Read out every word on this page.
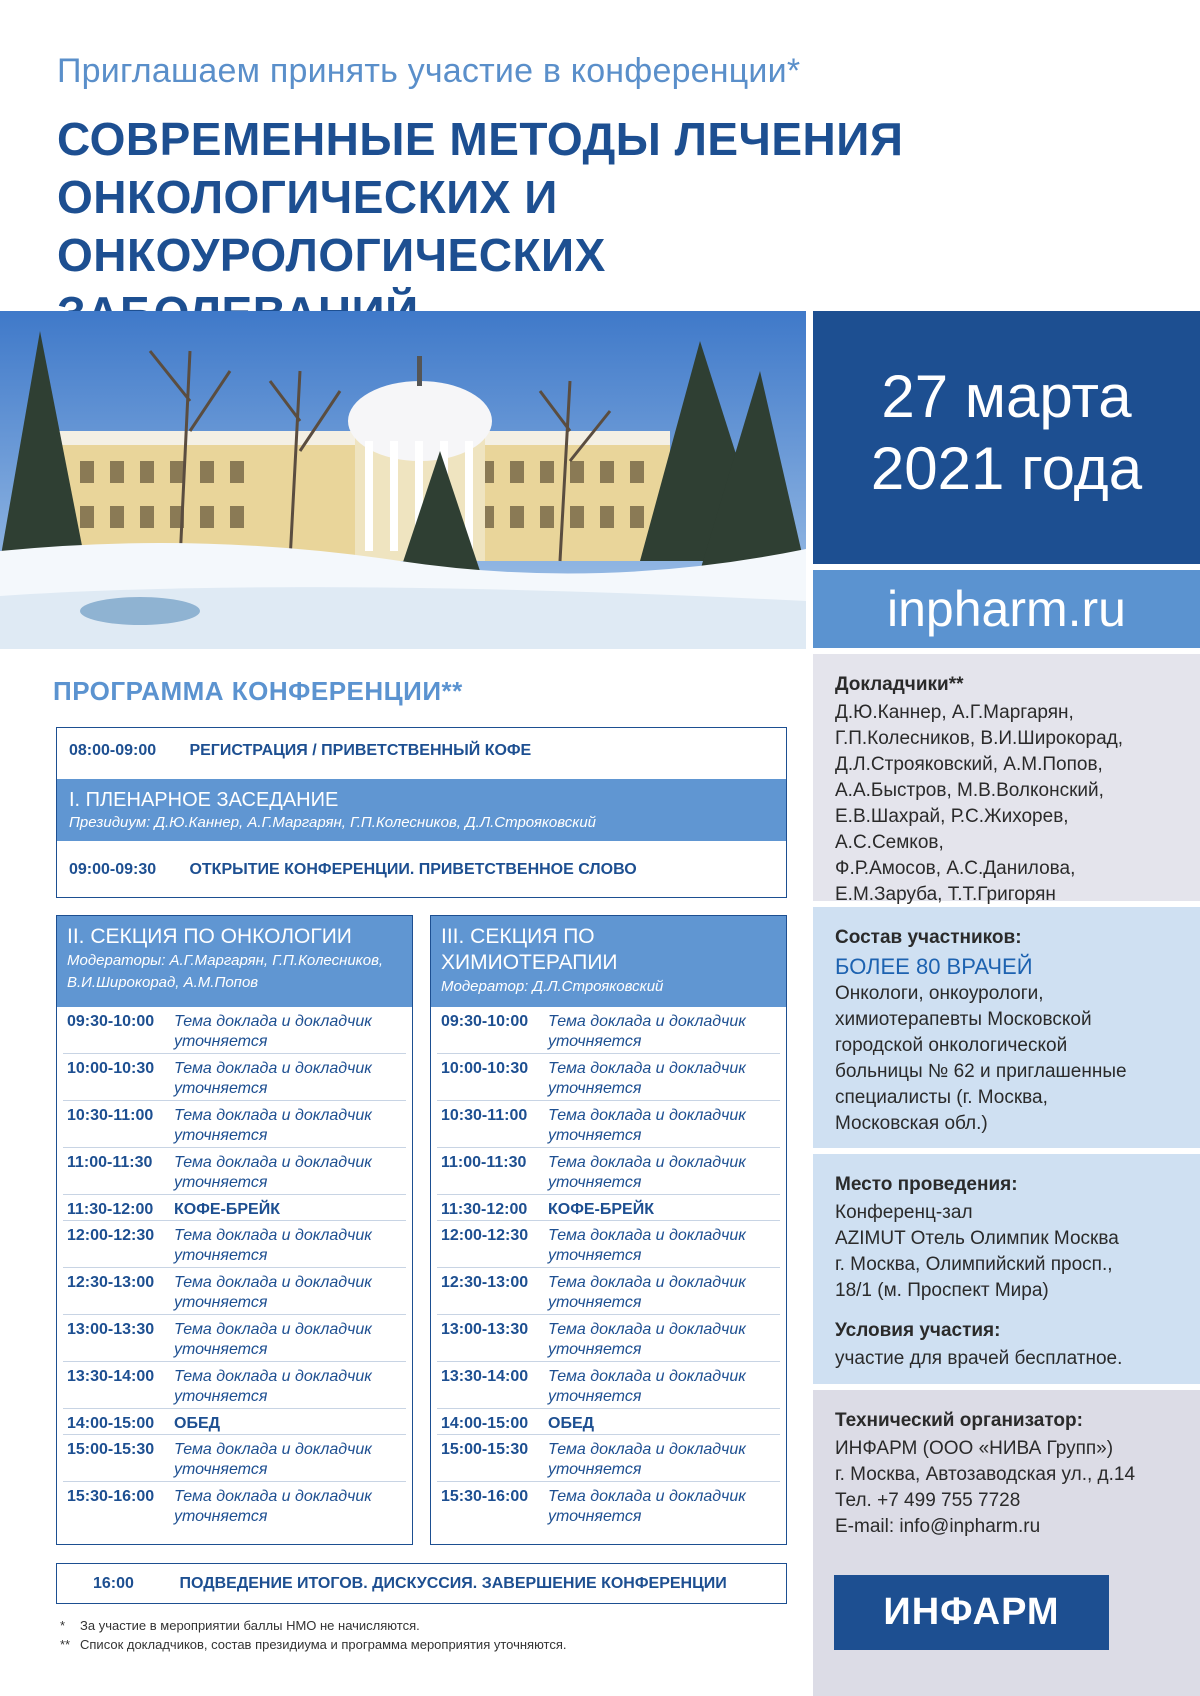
Приглашаем принять участие в конференции*
СОВРЕМЕННЫЕ МЕТОДЫ ЛЕЧЕНИЯ
ОНКОЛОГИЧЕСКИХ И ОНКОУРОЛОГИЧЕСКИХ
27 марта
2021 года
inpharm.ru
Докладчики**
Д.Ю.Каннер, А.Г.Маргарян,
Г.П.Колесников, В.И.Широкорад,
Д.Л.Строяковский, А.М.Попов,
А.А.Быстров, М.В.Волконский,
Е.В.Шахрай, Р.С.Жихорев, А.С.Семков,
Ф.Р.Амосов, А.С.Данилова,
Е.М.Заруба, Т.Т.Григорян
Состав участников:
БОЛЕЕ 80 ВРАЧЕЙ
Онкологи, онкоурологи,
химиотерапевты Московской
городской онкологической
больницы № 62 и приглашенные
специалисты (г. Москва,
Московская обл.)
Место проведения:
Конференц-зал
AZIMUT Отель Олимпик Москва
г. Москва, Олимпийский просп.,
18/1 (м. Проспект Мира)
Условия участия:
участие для врачей бесплатное.
Технический организатор:
ИНФАРМ (ООО «НИВА Групп»)
г. Москва, Автозаводская ул., д.14
Тел. +7 499 755 7728
E-mail: info@inpharm.ru
ИНФАРМ
ПРОГРАММА КОНФЕРЕНЦИИ**
08:00-09:00 РЕГИСТРАЦИЯ / ПРИВЕТСТВЕННЫЙ КОФЕ
I. ПЛЕНАРНОЕ ЗАСЕДАНИЕ
Президиум: Д.Ю.Каннер, А.Г.Маргарян, Г.П.Колесников, Д.Л.Строяковский
09:00-09:30 ОТКРЫТИЕ КОНФЕРЕНЦИИ. ПРИВЕТСТВЕННОЕ СЛОВО
II. СЕКЦИЯ ПО ОНКОЛОГИИ
Модераторы: А.Г.Маргарян, Г.П.Колесников, В.И.Широкорад, А.М.Попов
09:30-10:00	Тема доклада и докладчик уточняется
10:00-10:30	Тема доклада и докладчик уточняется
10:30-11:00	Тема доклада и докладчик уточняется
11:00-11:30	Тема доклада и докладчик уточняется
11:30-12:00	КОФЕ-БРЕЙК
12:00-12:30	Тема доклада и докладчик уточняется
12:30-13:00	Тема доклада и докладчик уточняется
13:00-13:30	Тема доклада и докладчик уточняется
13:30-14:00	Тема доклада и докладчик уточняется
14:00-15:00	ОБЕД
15:00-15:30	Тема доклада и докладчик уточняется
15:30-16:00	Тема доклада и докладчик уточняется
III. СЕКЦИЯ ПО ХИМИОТЕРАПИИ
Модератор: Д.Л.Строяковский
09:30-10:00	Тема доклада и докладчик уточняется
10:00-10:30	Тема доклада и докладчик уточняется
10:30-11:00	Тема доклада и докладчик уточняется
11:00-11:30	Тема доклада и докладчик уточняется
11:30-12:00	КОФЕ-БРЕЙК
12:00-12:30	Тема доклада и докладчик уточняется
12:30-13:00	Тема доклада и докладчик уточняется
13:00-13:30	Тема доклада и докладчик уточняется
13:30-14:00	Тема доклада и докладчик уточняется
14:00-15:00	ОБЕД
15:00-15:30	Тема доклада и докладчик уточняется
15:30-16:00	Тема доклада и докладчик уточняется
16:00	ПОДВЕДЕНИЕ ИТОГОВ. ДИСКУССИЯ. ЗАВЕРШЕНИЕ КОНФЕРЕНЦИИ
* За участие в мероприятии баллы НМО не начисляются.
** Список докладчиков, состав президиума и программа мероприятия уточняются.
